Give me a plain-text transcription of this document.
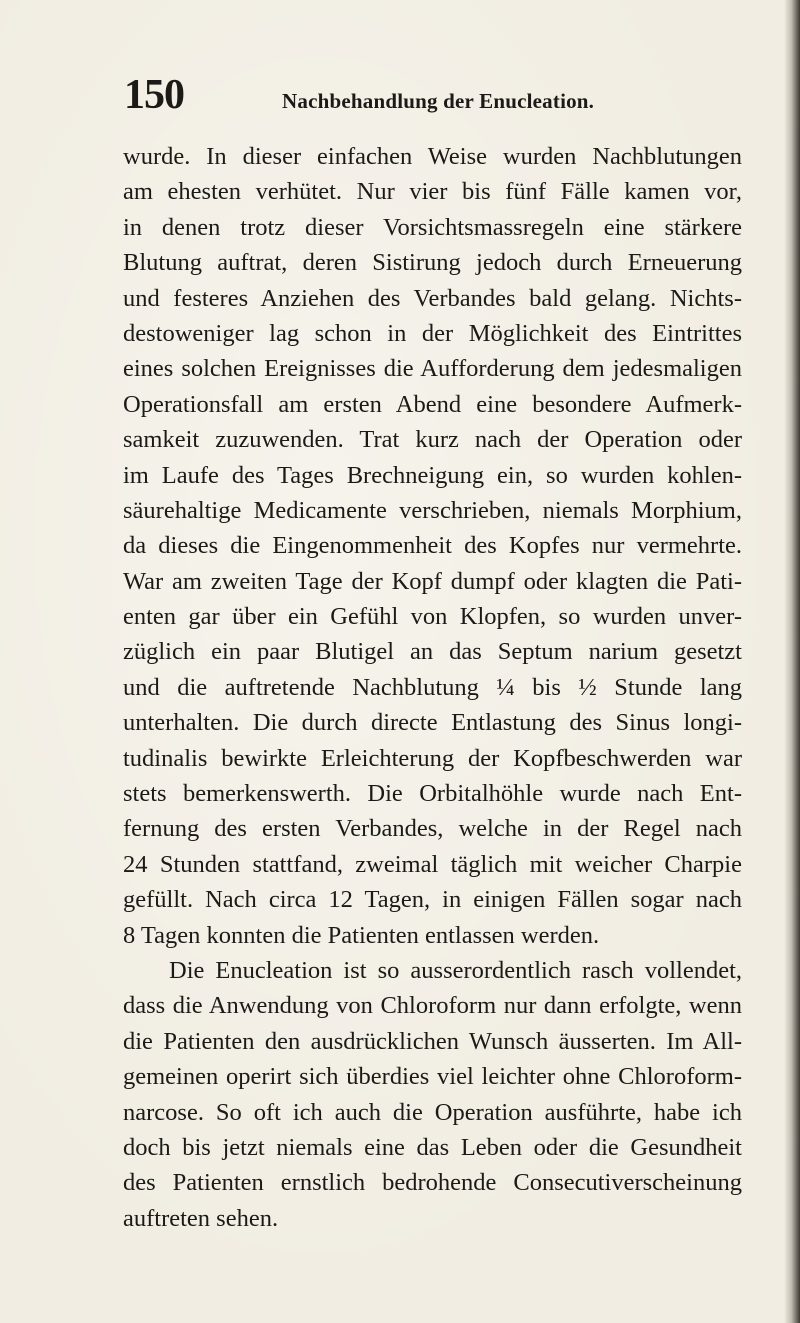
150	Nachbehandlung der Enucleation.
wurde. In dieser einfachen Weise wurden Nachblutungen
am ehesten verhütet. Nur vier bis fünf Fälle kamen vor,
in denen trotz dieser Vorsichtsmassregeln eine stärkere
Blutung auftrat, deren Sistirung jedoch durch Erneuerung
und festeres Anziehen des Verbandes bald gelang. Nichts-
destoweniger lag schon in der Möglichkeit des Eintrittes
eines solchen Ereignisses die Aufforderung dem jedesmaligen
Operationsfall am ersten Abend eine besondere Aufmerk-
samkeit zuzuwenden. Trat kurz nach der Operation oder
im Laufe des Tages Brechneigung ein, so wurden kohlen-
säurehaltige Medicamente verschrieben, niemals Morphium,
da dieses die Eingenommenheit des Kopfes nur vermehrte.
War am zweiten Tage der Kopf dumpf oder klagten die Pati-
enten gar über ein Gefühl von Klopfen, so wurden unver-
züglich ein paar Blutigel an das Septum narium gesetzt
und die auftretende Nachblutung ¼ bis ½ Stunde lang
unterhalten. Die durch directe Entlastung des Sinus longi-
tudinalis bewirkte Erleichterung der Kopfbeschwerden war
stets bemerkenswerth. Die Orbitalhöhle wurde nach Ent-
fernung des ersten Verbandes, welche in der Regel nach
24 Stunden stattfand, zweimal täglich mit weicher Charpie
gefüllt. Nach circa 12 Tagen, in einigen Fällen sogar nach
8 Tagen konnten die Patienten entlassen werden.
Die Enucleation ist so ausserordentlich rasch vollendet,
dass die Anwendung von Chloroform nur dann erfolgte, wenn
die Patienten den ausdrücklichen Wunsch äusserten. Im All-
gemeinen operirt sich überdies viel leichter ohne Chloroform-
narcose. So oft ich auch die Operation ausführte, habe ich
doch bis jetzt niemals eine das Leben oder die Gesundheit
des Patienten ernstlich bedrohende Consecutiverscheinung
auftreten sehen.
